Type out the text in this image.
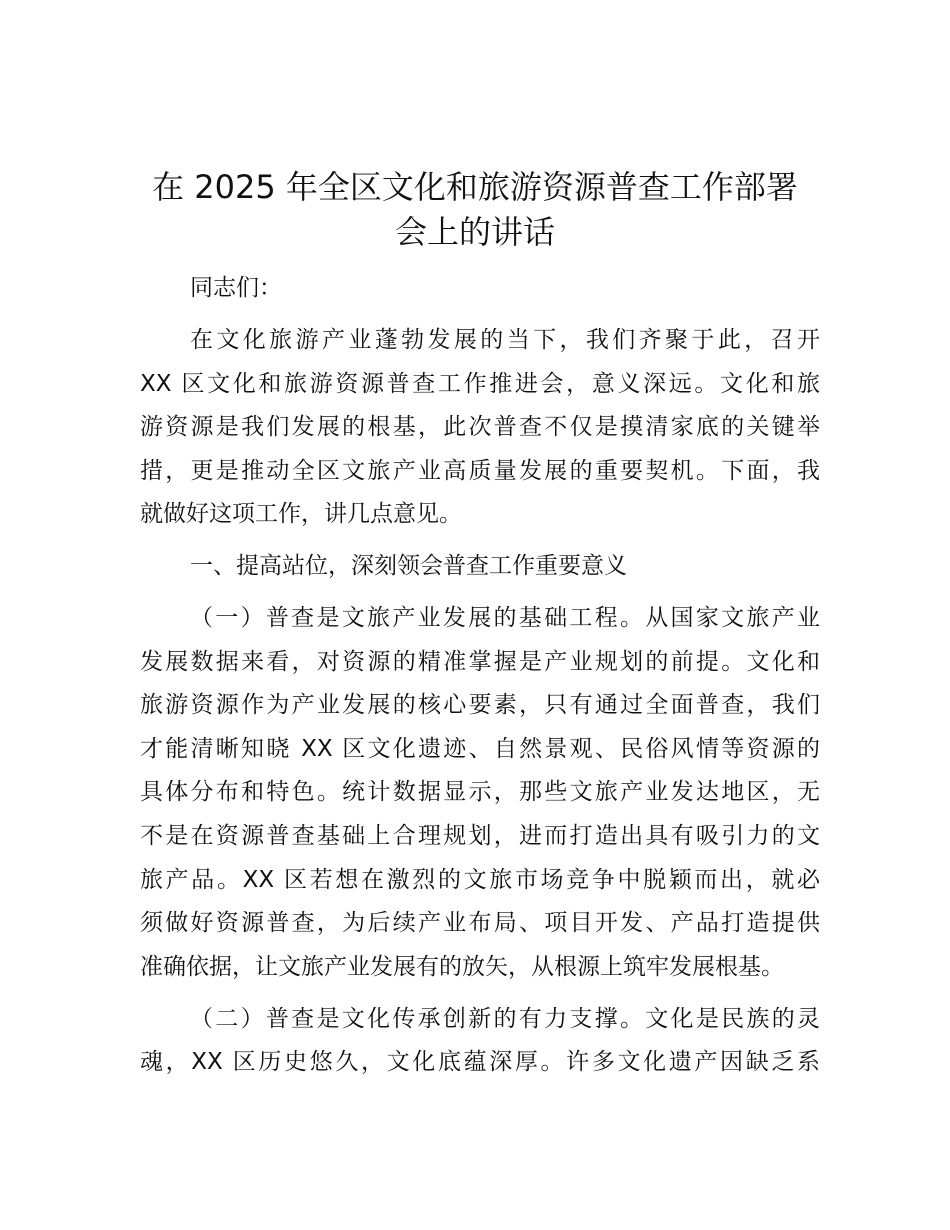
在 2025 年全区文化和旅游资源普查工作部署
会上的讲话

同志们：

在文化旅游产业蓬勃发展的当下，我们齐聚于此，召开

XX 区文化和旅游资源普查工作推进会，意义深远。文化和旅

游资源是我们发展的根基，此次普查不仅是摸清家底的关键举

措，更是推动全区文旅产业高质量发展的重要契机。下面，我

就做好这项工作，讲几点意见。

一、提高站位，深刻领会普查工作重要意义

（一）普查是文旅产业发展的基础工程。从国家文旅产业

发展数据来看，对资源的精准掌握是产业规划的前提。文化和

旅游资源作为产业发展的核心要素，只有通过全面普查，我们

才能清晰知晓 XX 区文化遗迹、自然景观、民俗风情等资源的

具体分布和特色。统计数据显示，那些文旅产业发达地区，无

不是在资源普查基础上合理规划，进而打造出具有吸引力的文

旅产品。XX 区若想在激烈的文旅市场竞争中脱颖而出，就必

须做好资源普查，为后续产业布局、项目开发、产品打造提供

准确依据，让文旅产业发展有的放矢，从根源上筑牢发展根基。

（二）普查是文化传承创新的有力支撑。文化是民族的灵

魂，XX 区历史悠久，文化底蕴深厚。许多文化遗产因缺乏系
